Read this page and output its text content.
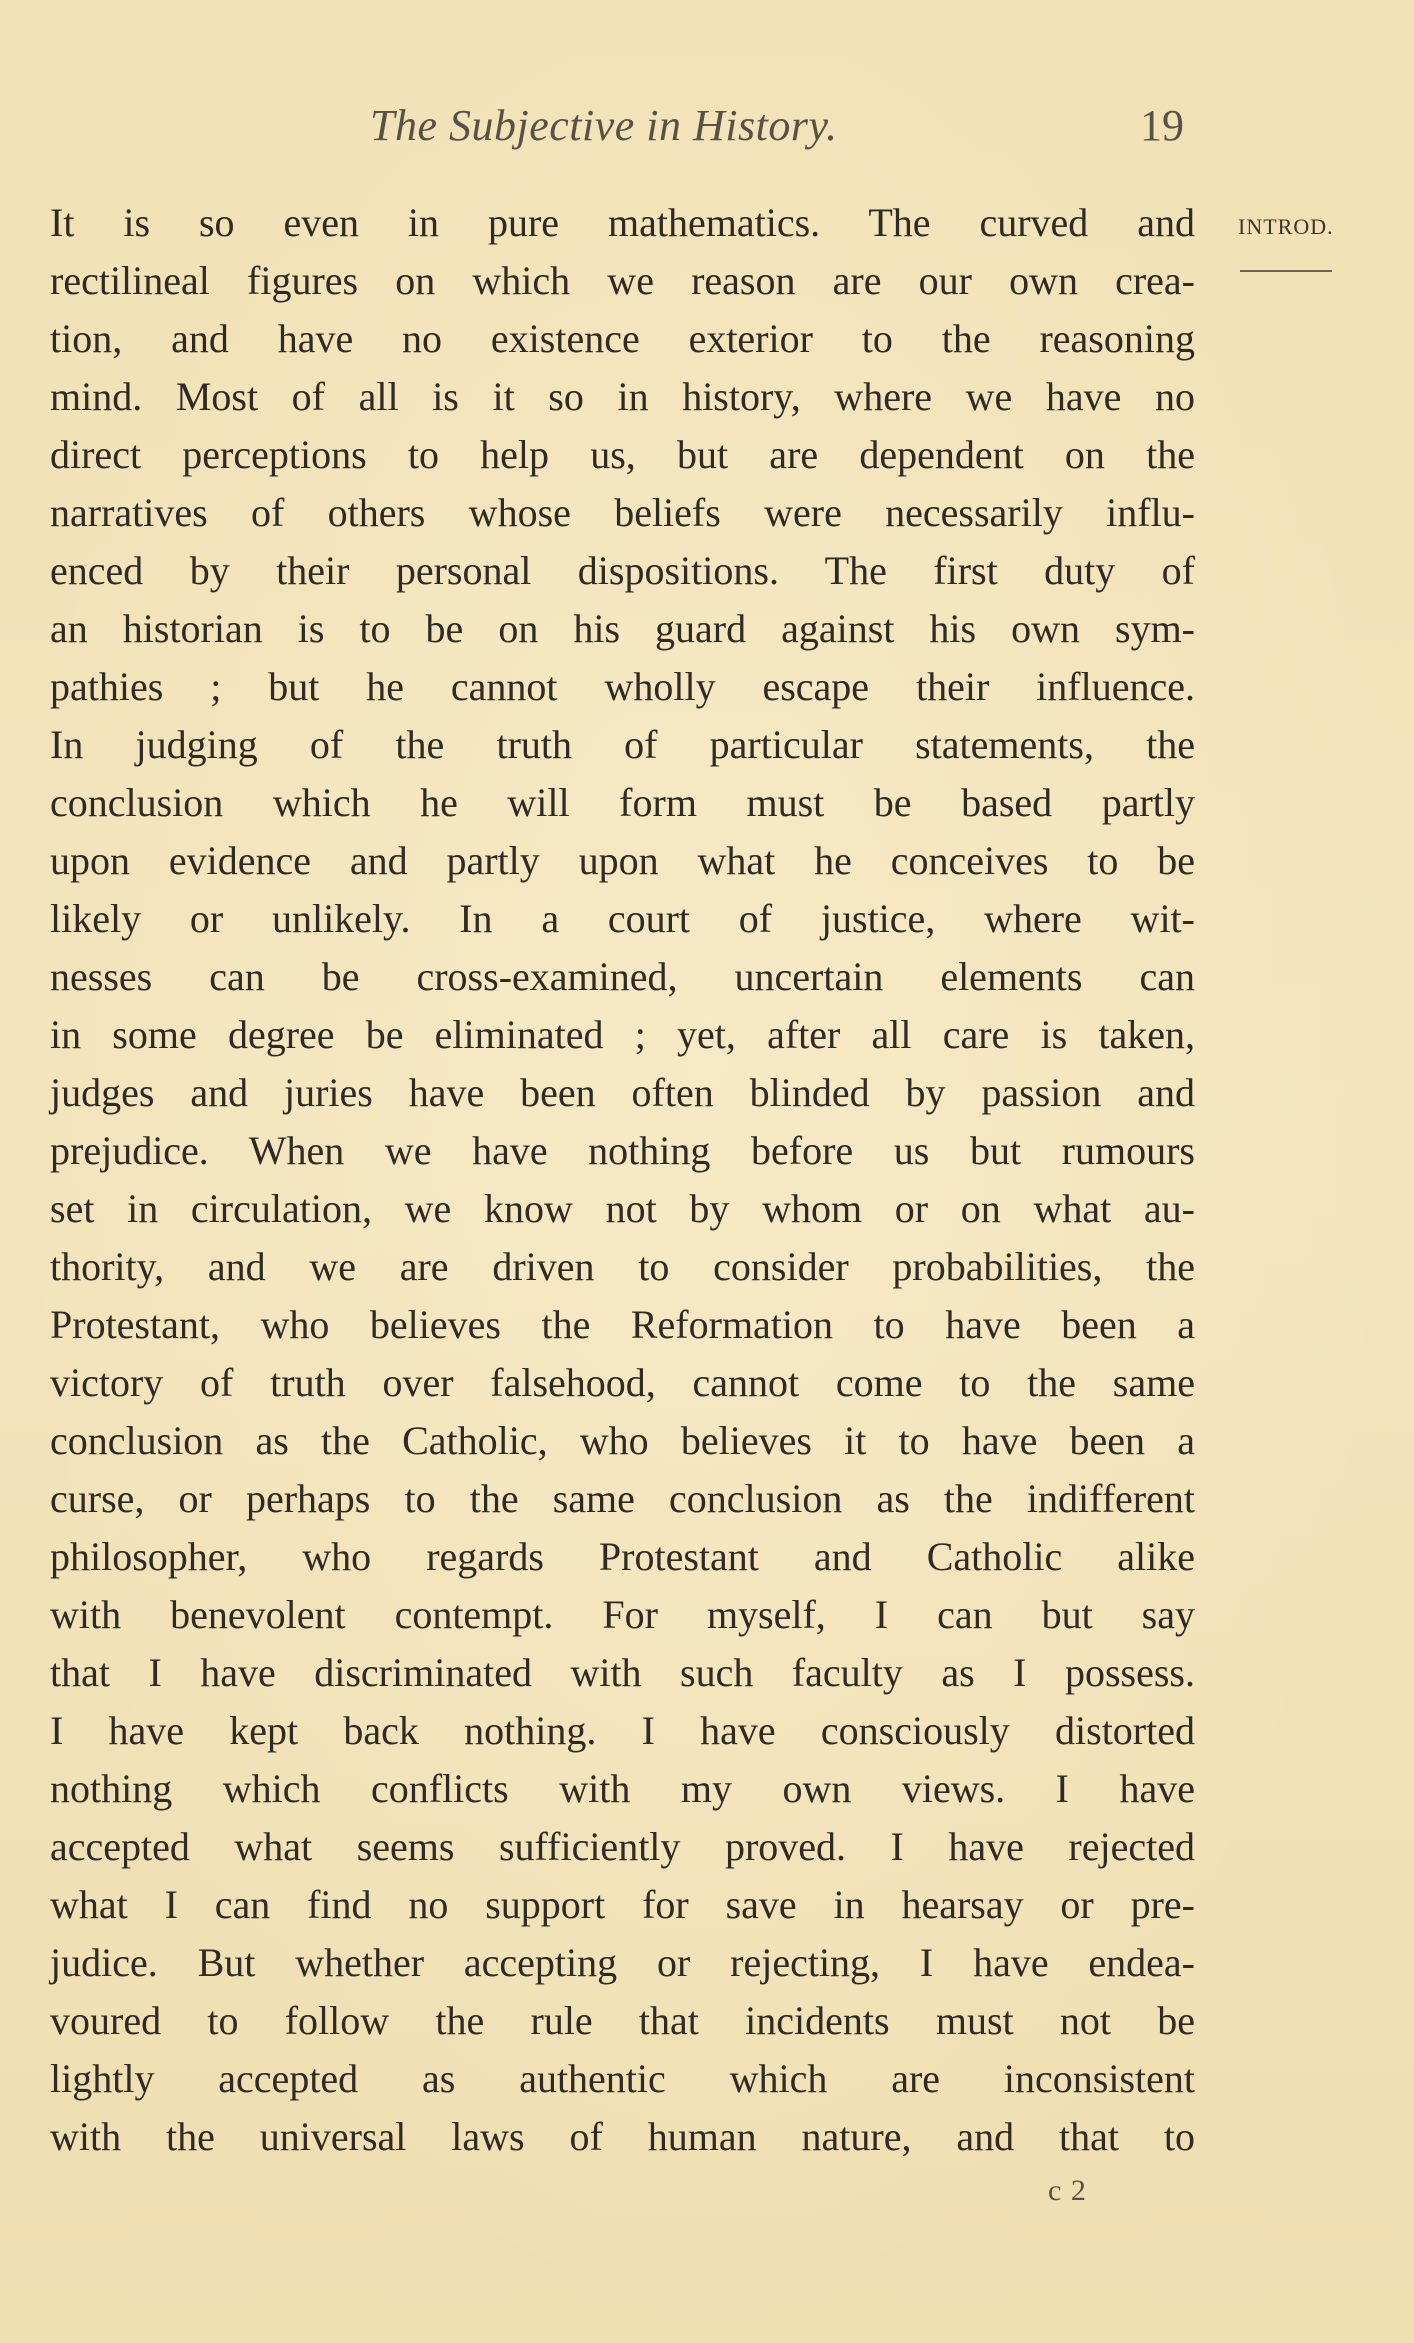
The Subjective in History.	19
INTROD.
It is so even in pure mathematics. The curved and
rectilineal figures on which we reason are our own crea-
tion, and have no existence exterior to the reasoning
mind. Most of all is it so in history, where we have no
direct perceptions to help us, but are dependent on the
narratives of others whose beliefs were necessarily influ-
enced by their personal dispositions. The first duty of
an historian is to be on his guard against his own sym-
pathies ; but he cannot wholly escape their influence.
In judging of the truth of particular statements, the
conclusion which he will form must be based partly
upon evidence and partly upon what he conceives to be
likely or unlikely. In a court of justice, where wit-
nesses can be cross-examined, uncertain elements can
in some degree be eliminated ; yet, after all care is taken,
judges and juries have been often blinded by passion and
prejudice. When we have nothing before us but rumours
set in circulation, we know not by whom or on what au-
thority, and we are driven to consider probabilities, the
Protestant, who believes the Reformation to have been a
victory of truth over falsehood, cannot come to the same
conclusion as the Catholic, who believes it to have been a
curse, or perhaps to the same conclusion as the indifferent
philosopher, who regards Protestant and Catholic alike
with benevolent contempt. For myself, I can but say
that I have discriminated with such faculty as I possess.
I have kept back nothing. I have consciously distorted
nothing which conflicts with my own views. I have
accepted what seems sufficiently proved. I have rejected
what I can find no support for save in hearsay or pre-
judice. But whether accepting or rejecting, I have endea-
voured to follow the rule that incidents must not be
lightly accepted as authentic which are inconsistent
with the universal laws of human nature, and that to
c 2
